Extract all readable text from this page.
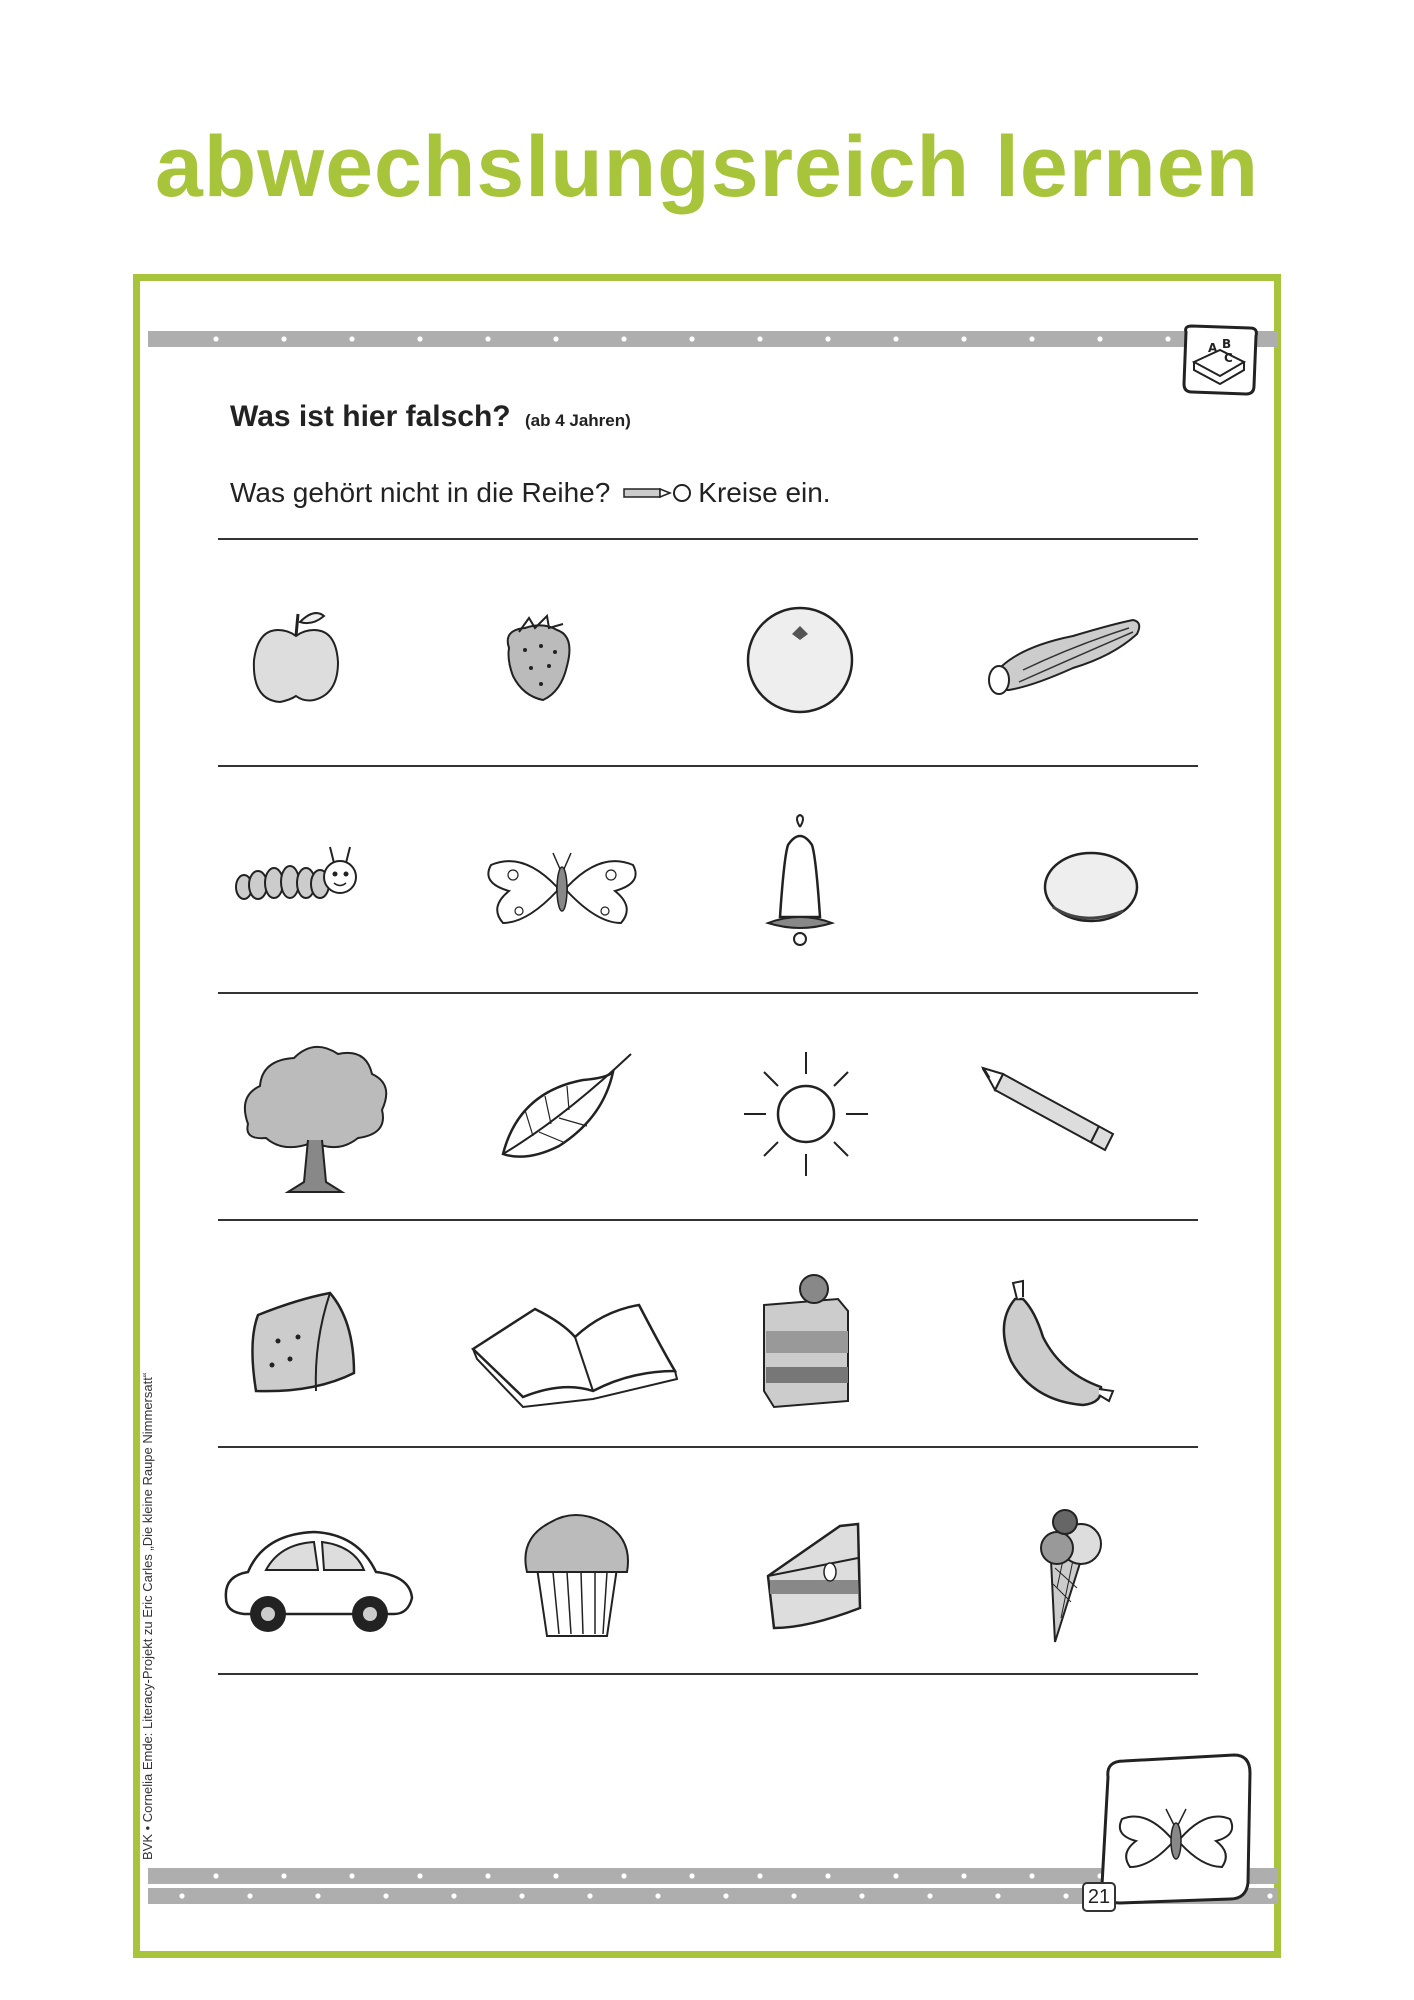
abwechslungsreich lernen
A B
C
Was ist hier falsch? (ab 4 Jahren)
Was gehört nicht in die Reihe?	Kreise ein.
BVK • Cornelia Emde: Literacy-Projekt zu Eric Carles „Die kleine Raupe Nimmersatt“
21
